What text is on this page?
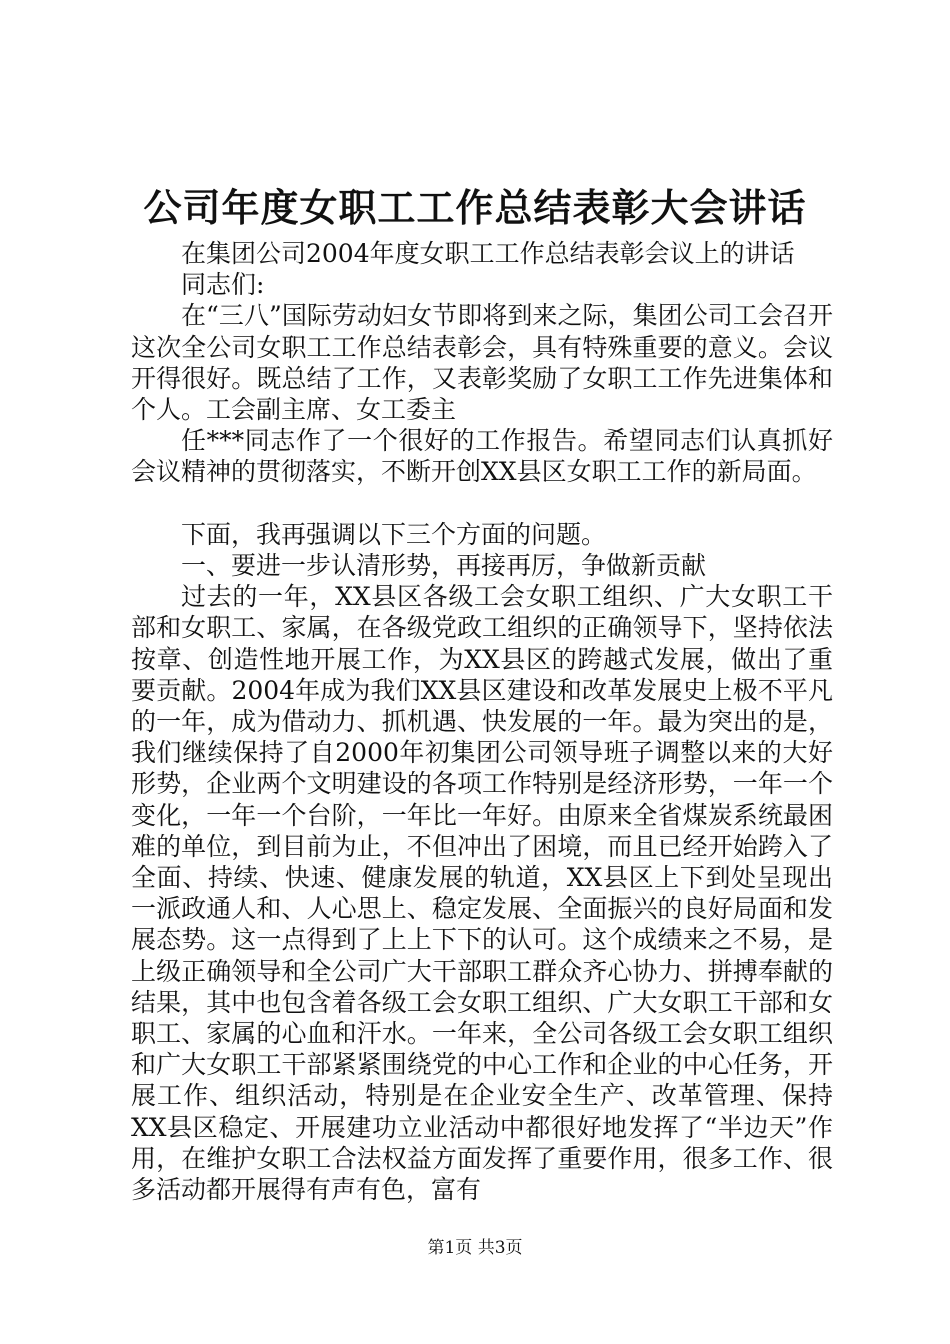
公司年度女职工工作总结表彰大会讲话

在集团公司2004年度女职工工作总结表彰会议上的讲话

同志们:

在“三八”国际劳动妇女节即将到来之际，集团公司工会召开这次全公司女职工工作总结表彰会，具有特殊重要的意义。会议开得很好。既总结了工作，又表彰奖励了女职工工作先进集体和个人。工会副主席、女工委主

任***同志作了一个很好的工作报告。希望同志们认真抓好会议精神的贯彻落实，不断开创XX县区女职工工作的新局面。

下面，我再强调以下三个方面的问题。

一、要进一步认清形势，再接再厉，争做新贡献

过去的一年，XX县区各级工会女职工组织、广大女职工干部和女职工、家属，在各级党政工组织的正确领导下，坚持依法按章、创造性地开展工作，为XX县区的跨越式发展，做出了重要贡献。2004年成为我们XX县区建设和改革发展史上极不平凡的一年，成为借动力、抓机遇、快发展的一年。最为突出的是，我们继续保持了自2000年初集团公司领导班子调整以来的大好形势，企业两个文明建设的各项工作特别是经济形势，一年一个变化，一年一个台阶，一年比一年好。由原来全省煤炭系统最困难的单位，到目前为止，不但冲出了困境，而且已经开始跨入了全面、持续、快速、健康发展的轨道，XX县区上下到处呈现出一派政通人和、人心思上、稳定发展、全面振兴的良好局面和发展态势。这一点得到了上上下下的认可。这个成绩来之不易，是上级正确领导和全公司广大干部职工群众齐心协力、拼搏奉献的结果，其中也包含着各级工会女职工组织、广大女职工干部和女职工、家属的心血和汗水。一年来，全公司各级工会女职工组织和广大女职工干部紧紧围绕党的中心工作和企业的中心任务，开展工作、组织活动，特别是在企业安全生产、改革管理、保持XX县区稳定、开展建功立业活动中都很好地发挥了“半边天”作用，在维护女职工合法权益方面发挥了重要作用，很多工作、很多活动都开展得有声有色，富有

第1页 共3页
